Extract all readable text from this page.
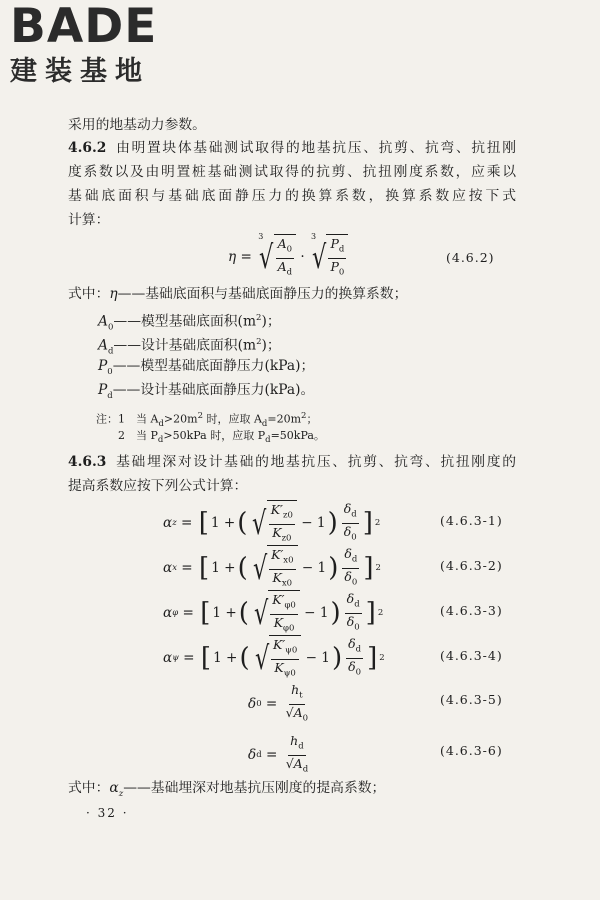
BADE
建装基地
采用的地基动力参数。
4.6.2 由明置块体基础测试取得的地基抗压、抗剪、抗弯、抗扭刚
度系数以及由明置桩基础测试取得的抗剪、抗扭刚度系数，应乘以
基础底面积与基础底面静压力的换算系数，换算系数应按下式
计算：
η =
3
√ $\frac{A_0}{A_d}$ ·
3
√ $\frac{P_d}{P_0}$	(4.6.2)
式中：η——基础底面积与基础底面静压力的换算系数；
$A_0——$模型基础底面积$(m^2)$；
$A_d——$设计基础底面积$(m^2)$；
$P_0——$模型基础底面静压力(kPa)；
$P_d——$设计基础底面静压力(kPa)。
注：1　当 $A_d>20m^2$ 时，应取 $A_d=20m^2$；
2　当 $P_d>50kPa$ 时，应取 $P_d=50kPa$。
4.6.3 基础埋深对设计基础的地基抗压、抗剪、抗弯、抗扭刚度的
提高系数应按下列公式计算：
α z = [ 1 + ( √ $\frac{K'_{z0}}{K_{z0}} - 1$ ) $\frac{\delta_d}{\delta_0}$ ] 2	(4.6.3-1)
α x = [ 1 + ( √ $\frac{K'_{x0}}{K_{x0}} - 1$ ) $\frac{\delta_d}{\delta_0}$ ] 2	(4.6.3-2)
α φ = [ 1 + ( √ $\frac{K'_{\varphi 0}}{K_{\varphi 0}} - 1$ ) $\frac{\delta_d}{\delta_0}$ ] 2	(4.6.3-3)
α ψ = [ 1 + ( √ $\frac{K'_{\psi 0}}{K_{\psi 0}} - 1$ ) $\frac{\delta_d}{\delta_0}$ ] 2	(4.6.3-4)
δ $0 = \frac{h_t}{√A_0}$	(4.6.3-5)
δ $d = \frac{h_d}{√A_d}$	(4.6.3-6)
式中：$\alpha_z——$基础埋深对地基抗压刚度的提高系数；
· 32 ·
